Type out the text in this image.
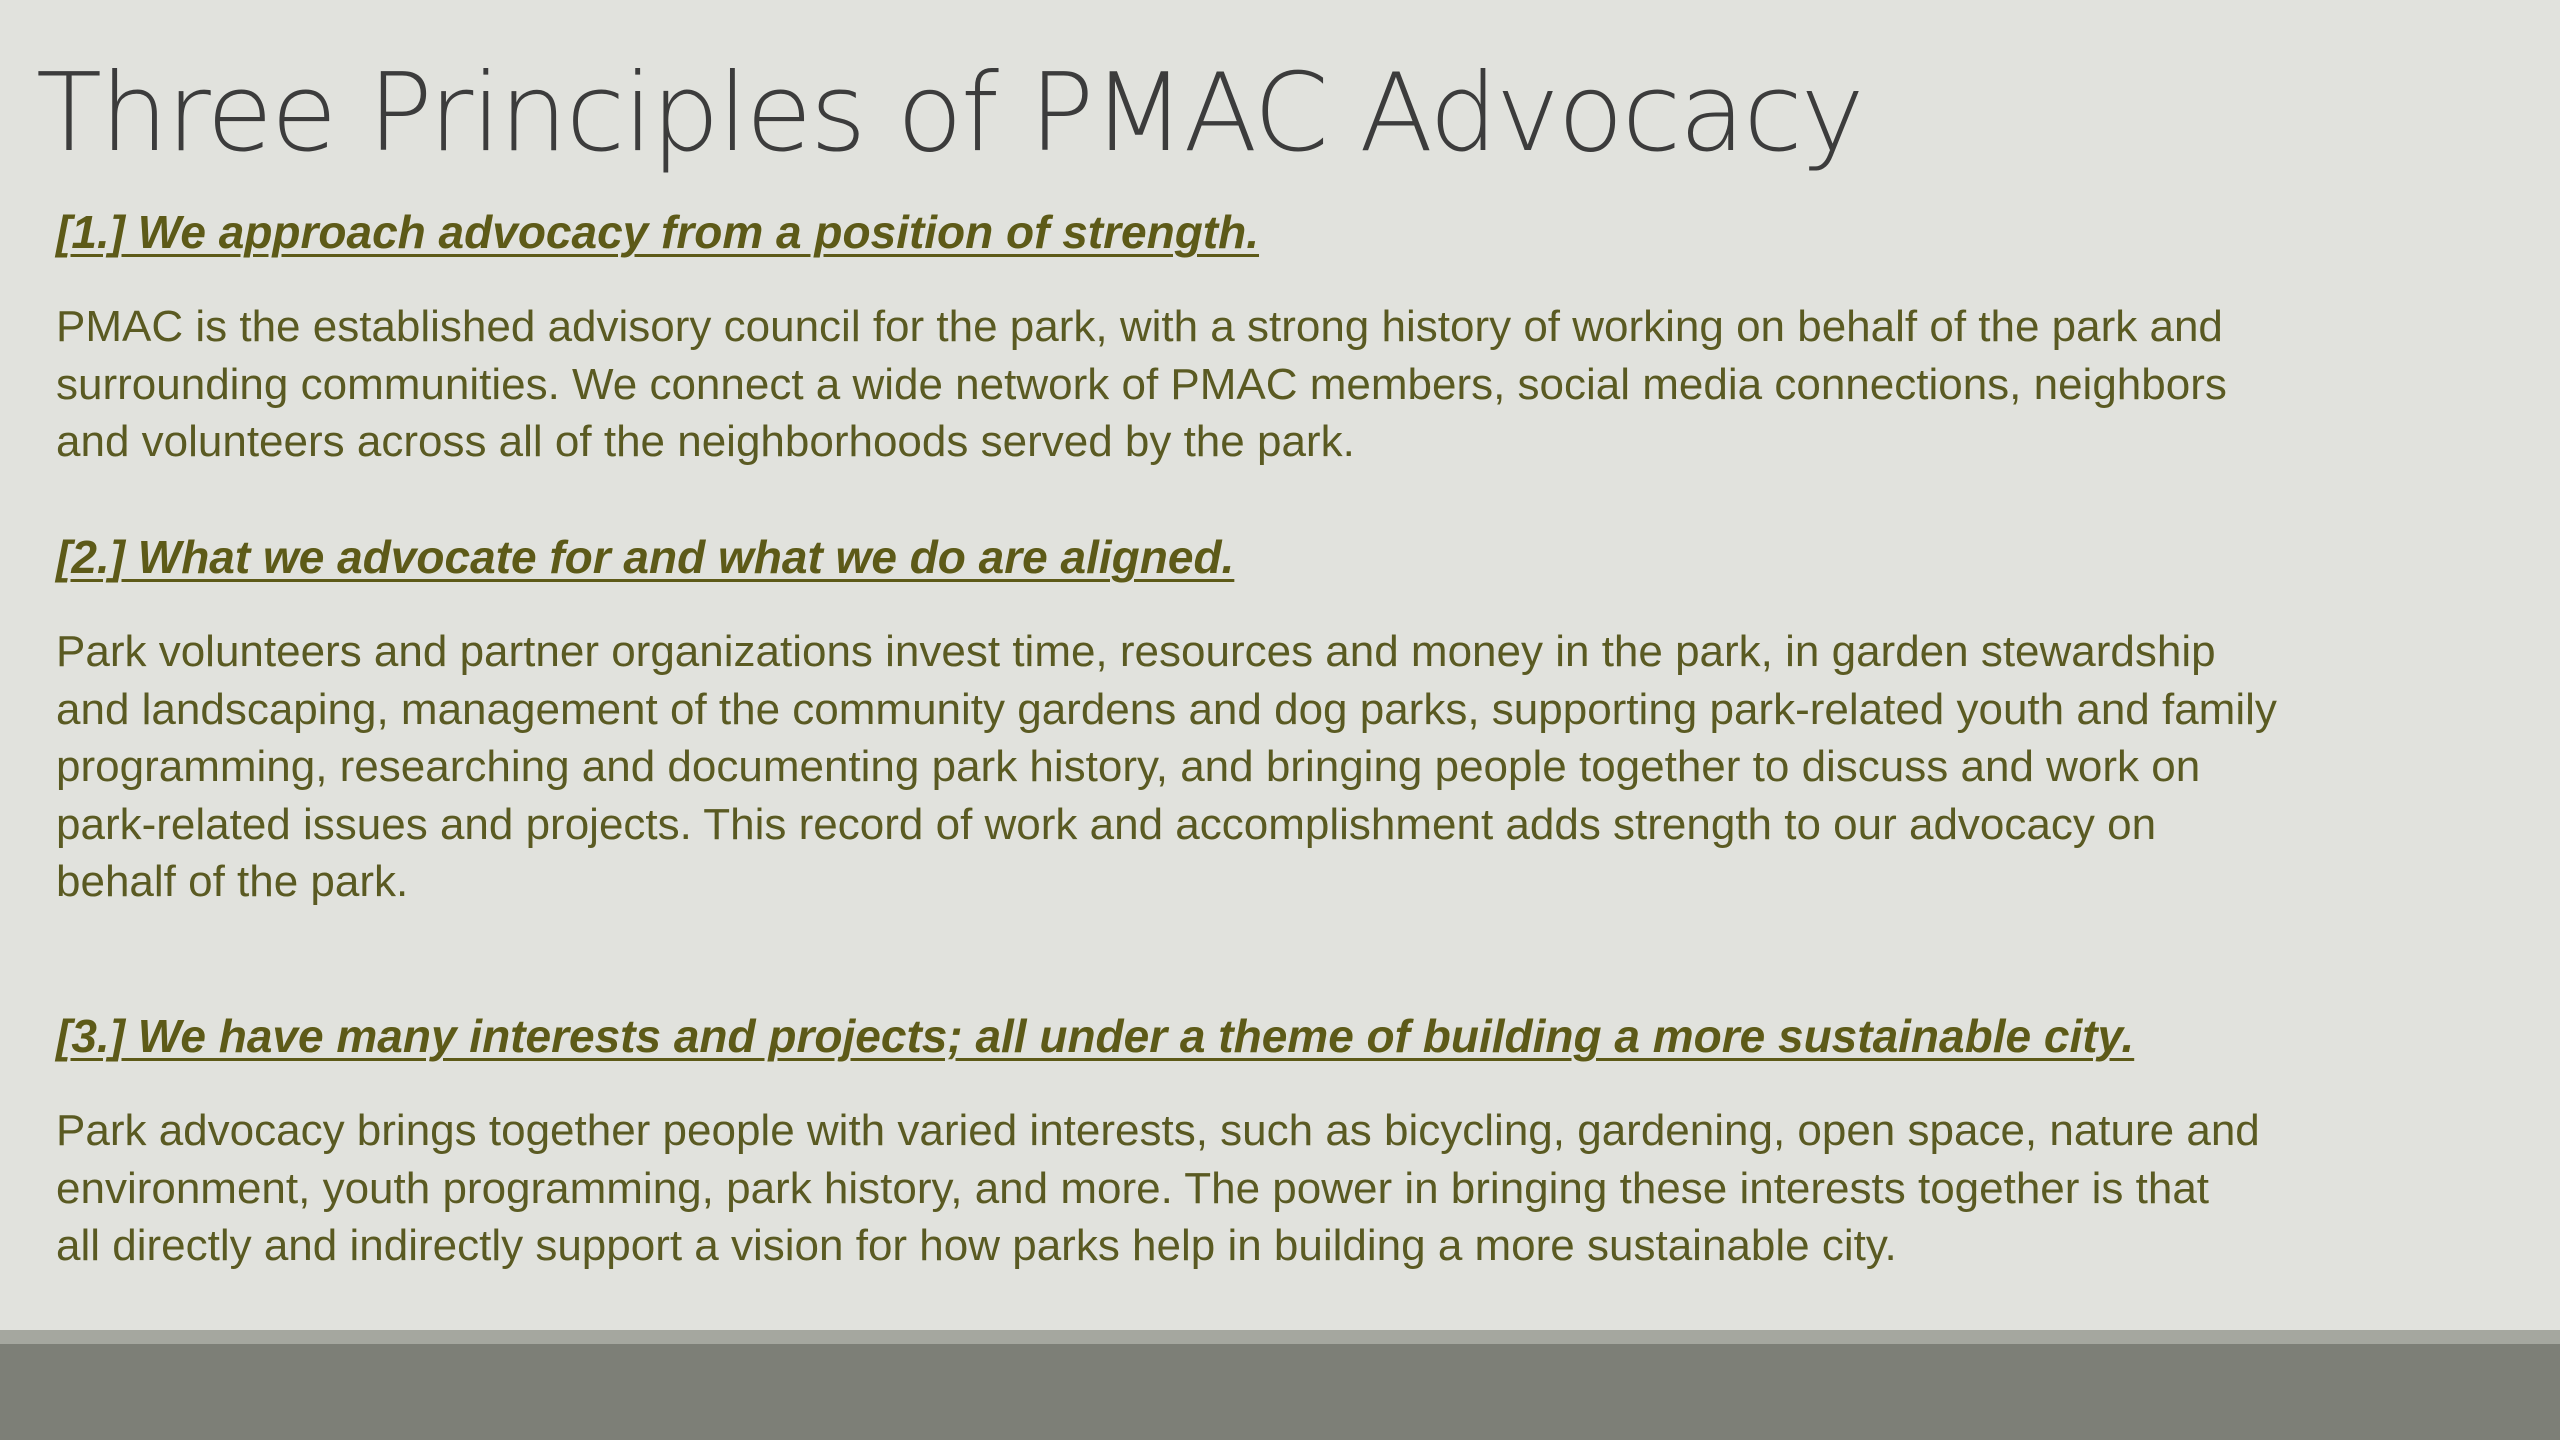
Three Principles of PMAC Advocacy
[1.] We approach advocacy from a position of strength.

PMAC is the established advisory council for the park, with a strong history of working on behalf of the park and
surrounding communities. We connect a wide network of PMAC members, social media connections, neighbors
and volunteers across all of the neighborhoods served by the park.

[2.] What we advocate for and what we do are aligned.

Park volunteers and partner organizations invest time, resources and money in the park, in garden stewardship
and landscaping, management of the community gardens and dog parks, supporting park-related youth and family
programming, researching and documenting park history, and bringing people together to discuss and work on
park-related issues and projects. This record of work and accomplishment adds strength to our advocacy on
behalf of the park.

[3.] We have many interests and projects; all under a theme of building a more sustainable city.

Park advocacy brings together people with varied interests, such as bicycling, gardening, open space, nature and
environment, youth programming, park history, and more. The power in bringing these interests together is that
all directly and indirectly support a vision for how parks help in building a more sustainable city.
